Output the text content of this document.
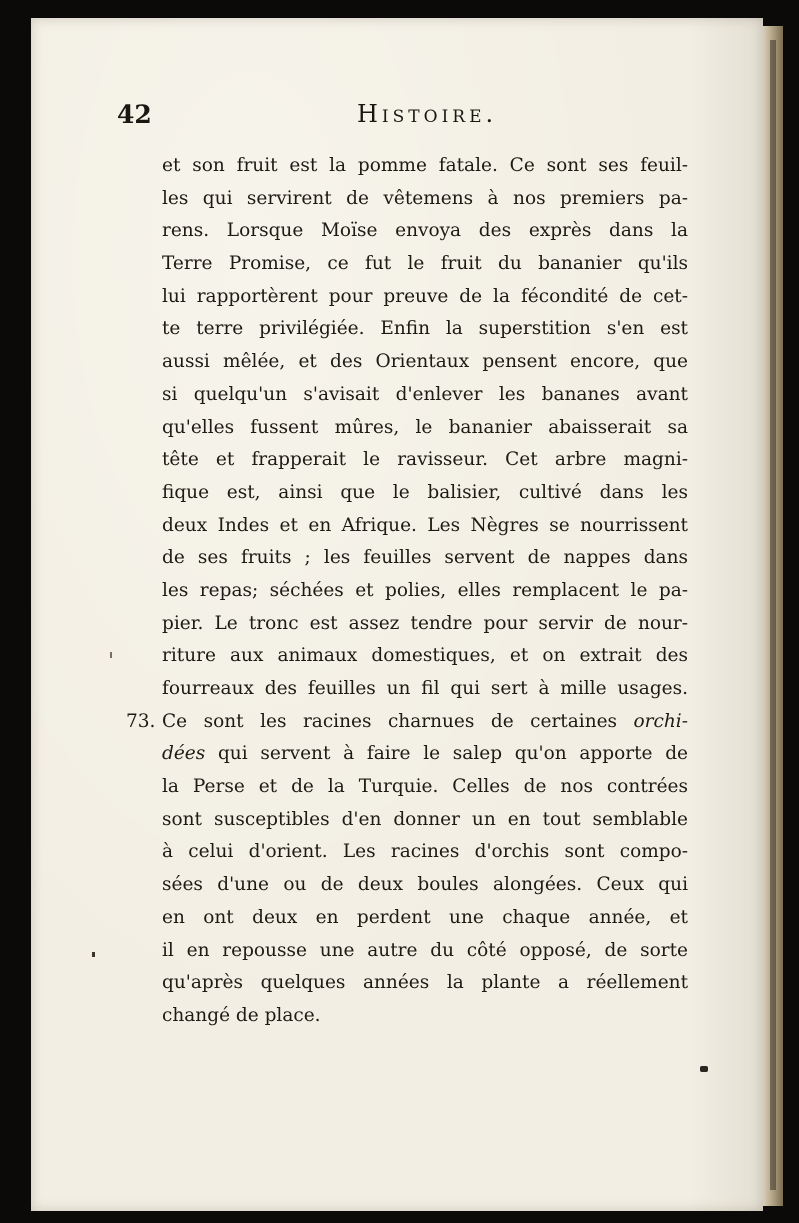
42	Histoire.
et son fruit est la pomme fatale. Ce sont ses feuil-
les qui servirent de vêtemens à nos premiers pa-
rens. Lorsque Moïse envoya des exprès dans la
Terre Promise, ce fut le fruit du bananier qu'ils
lui rapportèrent pour preuve de la fécondité de cet-
te terre privilégiée. Enfin la superstition s'en est
aussi mêlée, et des Orientaux pensent encore, que
si quelqu'un s'avisait d'enlever les bananes avant
qu'elles fussent mûres, le bananier abaisserait sa
tête et frapperait le ravisseur. Cet arbre magni-
fique est, ainsi que le balisier, cultivé dans les
deux Indes et en Afrique. Les Nègres se nourrissent
de ses fruits ; les feuilles servent de nappes dans
les repas; séchées et polies, elles remplacent le pa-
pier. Le tronc est assez tendre pour servir de nour-
riture aux animaux domestiques, et on extrait des
fourreaux des feuilles un fil qui sert à mille usages.
73. Ce sont les racines charnues de certaines orchi-
dées qui servent à faire le salep qu'on apporte de
la Perse et de la Turquie. Celles de nos contrées
sont susceptibles d'en donner un en tout semblable
à celui d'orient. Les racines d'orchis sont compo-
sées d'une ou de deux boules alongées. Ceux qui
en ont deux en perdent une chaque année, et
il en repousse une autre du côté opposé, de sorte
qu'après quelques années la plante a réellement
changé de place.
